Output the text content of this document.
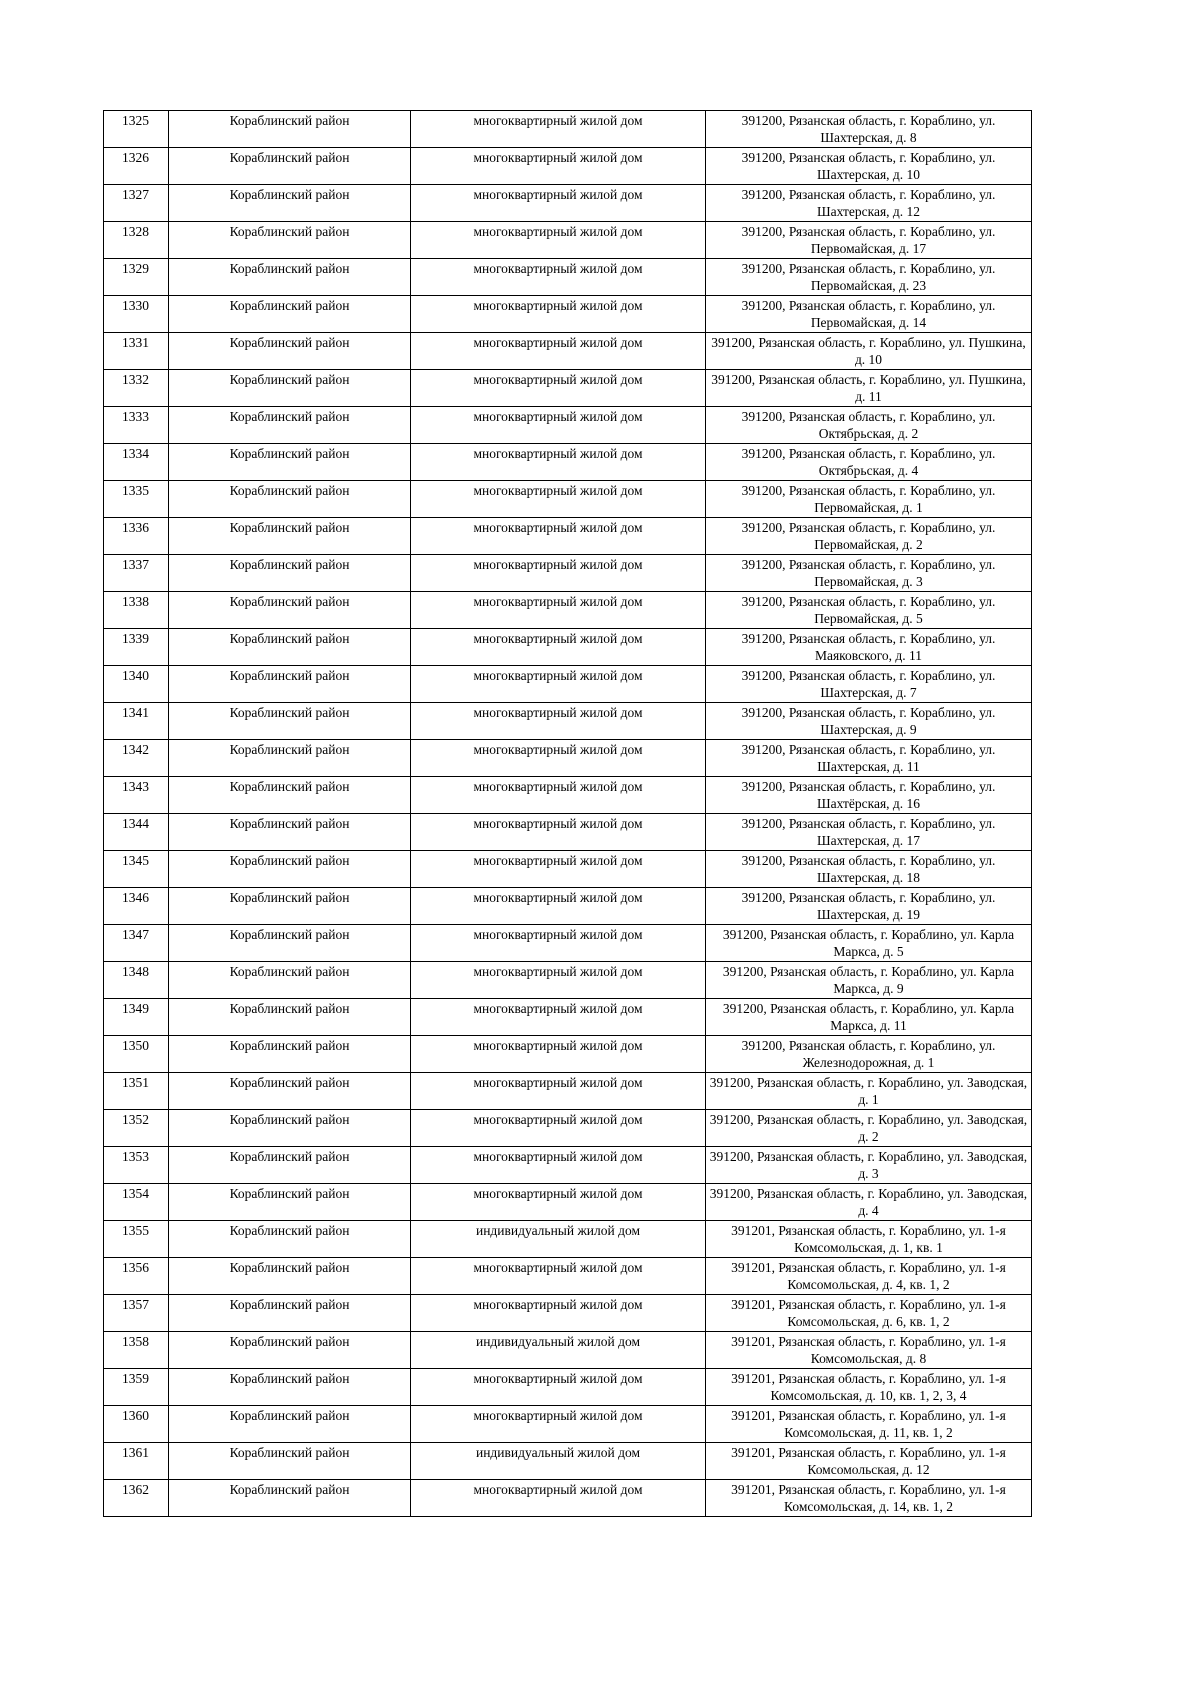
1325	Кораблинский район	многоквартирный жилой дом	391200, Рязанская область, г. Кораблино, ул. Шахтерская, д. 8
1326	Кораблинский район	многоквартирный жилой дом	391200, Рязанская область, г. Кораблино, ул. Шахтерская, д. 10
1327	Кораблинский район	многоквартирный жилой дом	391200, Рязанская область, г. Кораблино, ул. Шахтерская, д. 12
1328	Кораблинский район	многоквартирный жилой дом	391200, Рязанская область, г. Кораблино, ул. Первомайская, д. 17
1329	Кораблинский район	многоквартирный жилой дом	391200, Рязанская область, г. Кораблино, ул. Первомайская, д. 23
1330	Кораблинский район	многоквартирный жилой дом	391200, Рязанская область, г. Кораблино, ул. Первомайская, д. 14
1331	Кораблинский район	многоквартирный жилой дом	391200, Рязанская область, г. Кораблино, ул. Пушкина, д. 10
1332	Кораблинский район	многоквартирный жилой дом	391200, Рязанская область, г. Кораблино, ул. Пушкина, д. 11
1333	Кораблинский район	многоквартирный жилой дом	391200, Рязанская область, г. Кораблино, ул. Октябрьская, д. 2
1334	Кораблинский район	многоквартирный жилой дом	391200, Рязанская область, г. Кораблино, ул. Октябрьская, д. 4
1335	Кораблинский район	многоквартирный жилой дом	391200, Рязанская область, г. Кораблино, ул. Первомайская, д. 1
1336	Кораблинский район	многоквартирный жилой дом	391200, Рязанская область, г. Кораблино, ул. Первомайская, д. 2
1337	Кораблинский район	многоквартирный жилой дом	391200, Рязанская область, г. Кораблино, ул. Первомайская, д. 3
1338	Кораблинский район	многоквартирный жилой дом	391200, Рязанская область, г. Кораблино, ул. Первомайская, д. 5
1339	Кораблинский район	многоквартирный жилой дом	391200, Рязанская область, г. Кораблино, ул. Маяковского, д. 11
1340	Кораблинский район	многоквартирный жилой дом	391200, Рязанская область, г. Кораблино, ул. Шахтерская, д. 7
1341	Кораблинский район	многоквартирный жилой дом	391200, Рязанская область, г. Кораблино, ул. Шахтерская, д. 9
1342	Кораблинский район	многоквартирный жилой дом	391200, Рязанская область, г. Кораблино, ул. Шахтерская, д. 11
1343	Кораблинский район	многоквартирный жилой дом	391200, Рязанская область, г. Кораблино, ул. Шахтёрская, д. 16
1344	Кораблинский район	многоквартирный жилой дом	391200, Рязанская область, г. Кораблино, ул. Шахтерская, д. 17
1345	Кораблинский район	многоквартирный жилой дом	391200, Рязанская область, г. Кораблино, ул. Шахтерская, д. 18
1346	Кораблинский район	многоквартирный жилой дом	391200, Рязанская область, г. Кораблино, ул. Шахтерская, д. 19
1347	Кораблинский район	многоквартирный жилой дом	391200, Рязанская область, г. Кораблино, ул. Карла Маркса, д. 5
1348	Кораблинский район	многоквартирный жилой дом	391200, Рязанская область, г. Кораблино, ул. Карла Маркса, д. 9
1349	Кораблинский район	многоквартирный жилой дом	391200, Рязанская область, г. Кораблино, ул. Карла Маркса, д. 11
1350	Кораблинский район	многоквартирный жилой дом	391200, Рязанская область, г. Кораблино, ул. Железнодорожная, д. 1
1351	Кораблинский район	многоквартирный жилой дом	391200, Рязанская область, г. Кораблино, ул. Заводская, д. 1
1352	Кораблинский район	многоквартирный жилой дом	391200, Рязанская область, г. Кораблино, ул. Заводская, д. 2
1353	Кораблинский район	многоквартирный жилой дом	391200, Рязанская область, г. Кораблино, ул. Заводская, д. 3
1354	Кораблинский район	многоквартирный жилой дом	391200, Рязанская область, г. Кораблино, ул. Заводская, д. 4
1355	Кораблинский район	индивидуальный жилой дом	391201, Рязанская область, г. Кораблино, ул. 1-я Комсомольская, д. 1, кв. 1
1356	Кораблинский район	многоквартирный жилой дом	391201, Рязанская область, г. Кораблино, ул. 1-я Комсомольская, д. 4, кв. 1, 2
1357	Кораблинский район	многоквартирный жилой дом	391201, Рязанская область, г. Кораблино, ул. 1-я Комсомольская, д. 6, кв. 1, 2
1358	Кораблинский район	индивидуальный жилой дом	391201, Рязанская область, г. Кораблино, ул. 1-я Комсомольская, д. 8
1359	Кораблинский район	многоквартирный жилой дом	391201, Рязанская область, г. Кораблино, ул. 1-я Комсомольская, д. 10, кв. 1, 2, 3, 4
1360	Кораблинский район	многоквартирный жилой дом	391201, Рязанская область, г. Кораблино, ул. 1-я Комсомольская, д. 11, кв. 1, 2
1361	Кораблинский район	индивидуальный жилой дом	391201, Рязанская область, г. Кораблино, ул. 1-я Комсомольская, д. 12
1362	Кораблинский район	многоквартирный жилой дом	391201, Рязанская область, г. Кораблино, ул. 1-я Комсомольская, д. 14, кв. 1, 2
